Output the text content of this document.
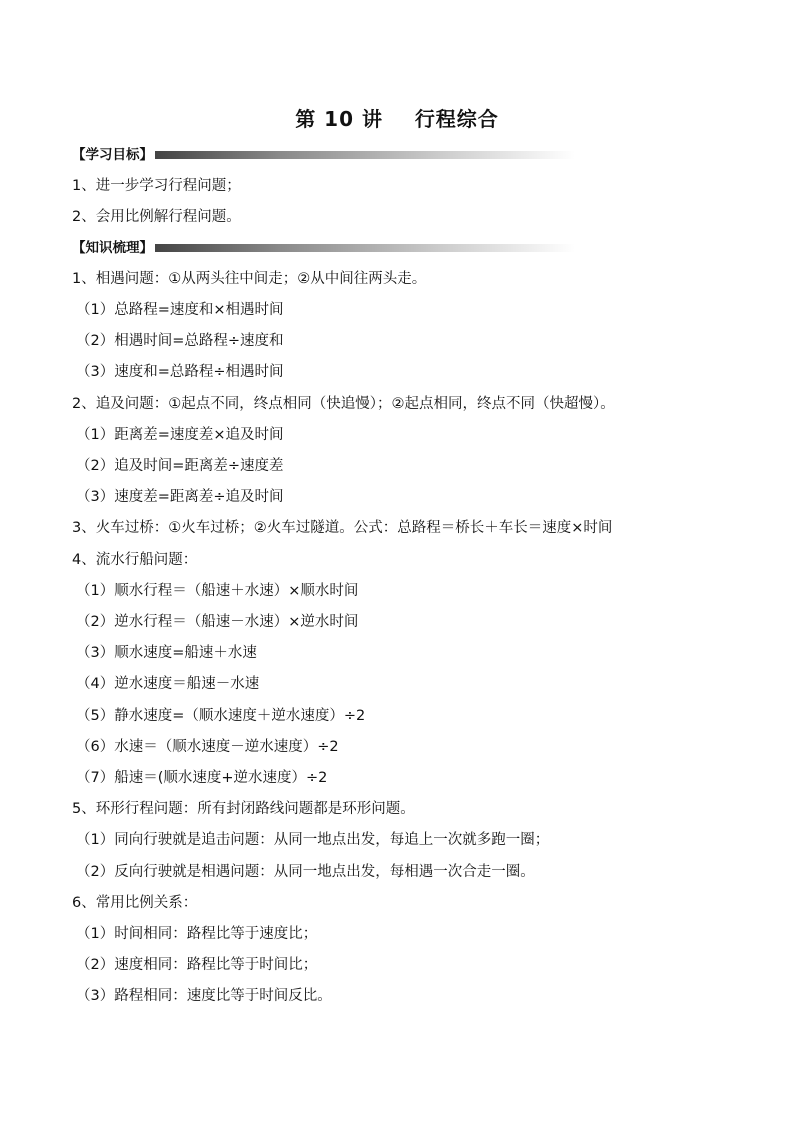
第 10 讲 行程综合
【学习目标】
1、进一步学习行程问题；
2、会用比例解行程问题。
【知识梳理】
1、相遇问题：①从两头往中间走；②从中间往两头走。
（1）总路程=速度和×相遇时间
（2）相遇时间=总路程÷速度和
（3）速度和=总路程÷相遇时间
2、追及问题：①起点不同，终点相同（快追慢）；②起点相同，终点不同（快超慢）。
（1）距离差=速度差×追及时间
（2）追及时间=距离差÷速度差
（3）速度差=距离差÷追及时间
3、火车过桥：①火车过桥；②火车过隧道。公式：总路程＝桥长＋车长＝速度×时间
4、流水行船问题：
（1）顺水行程＝（船速＋水速）×顺水时间
（2）逆水行程＝（船速－水速）×逆水时间
（3）顺水速度=船速＋水速
（4）逆水速度＝船速－水速
（5）静水速度=（顺水速度＋逆水速度）÷2
（6）水速＝（顺水速度－逆水速度）÷2
（7）船速＝(顺水速度+逆水速度）÷2
5、环形行程问题：所有封闭路线问题都是环形问题。
（1）同向行驶就是追击问题：从同一地点出发，每追上一次就多跑一圈；
（2）反向行驶就是相遇问题：从同一地点出发，每相遇一次合走一圈。
6、常用比例关系：
（1）时间相同：路程比等于速度比；
（2）速度相同：路程比等于时间比；
（3）路程相同：速度比等于时间反比。
